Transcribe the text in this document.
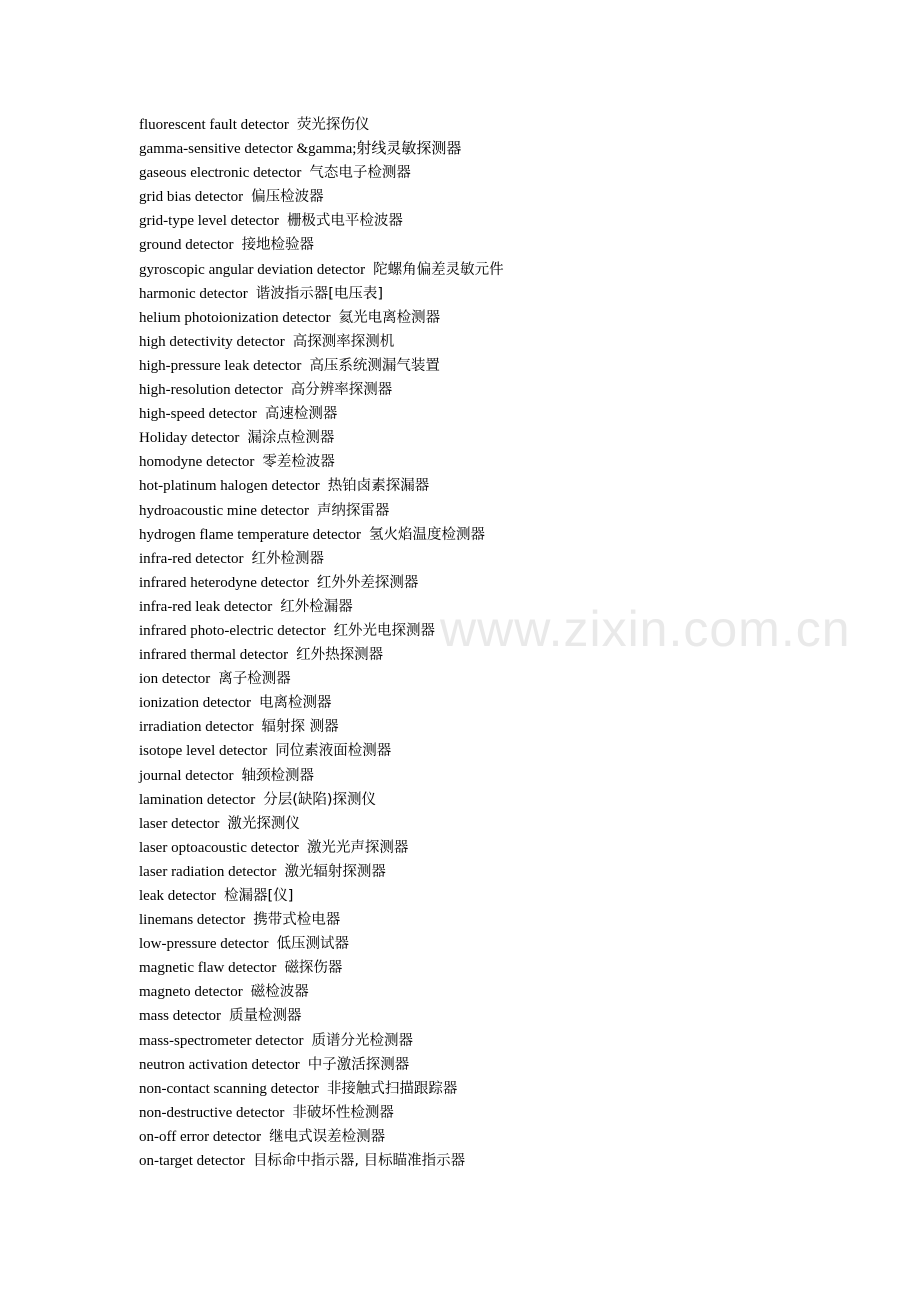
www.zixin.com.cn
fluorescent fault detector 荧光探伤仪
gamma-sensitive detector &gamma;射线灵敏探测器
gaseous electronic detector 气态电子检测器
grid bias detector 偏压检波器
grid-type level detector 栅极式电平检波器
ground detector 接地检验器
gyroscopic angular deviation detector 陀螺角偏差灵敏元件
harmonic detector 谐波指示器[电压表]
helium photoionization detector 氦光电离检测器
high detectivity detector 高探测率探测机
high-pressure leak detector 高压系统测漏气装置
high-resolution detector 高分辨率探测器
high-speed detector 高速检测器
Holiday detector 漏涂点检测器
homodyne detector 零差检波器
hot-platinum halogen detector 热铂卤素探漏器
hydroacoustic mine detector 声纳探雷器
hydrogen flame temperature detector 氢火焰温度检测器
infra-red detector 红外检测器
infrared heterodyne detector 红外外差探测器
infra-red leak detector 红外检漏器
infrared photo-electric detector 红外光电探测器
infrared thermal detector 红外热探测器
ion detector 离子检测器
ionization detector 电离检测器
irradiation detector 辐射探 测器
isotope level detector 同位素液面检测器
journal detector 轴颈检测器
lamination detector 分层(缺陷)探测仪
laser detector 激光探测仪
laser optoacoustic detector 激光光声探测器
laser radiation detector 激光辐射探测器
leak detector 检漏器[仪]
linemans detector 携带式检电器
low-pressure detector 低压测试器
magnetic flaw detector 磁探伤器
magneto detector 磁检波器
mass detector 质量检测器
mass-spectrometer detector 质谱分光检测器
neutron activation detector 中子激活探测器
non-contact scanning detector 非接触式扫描跟踪器
non-destructive detector 非破坏性检测器
on-off error detector 继电式误差检测器
on-target detector 目标命中指示器, 目标瞄准指示器
